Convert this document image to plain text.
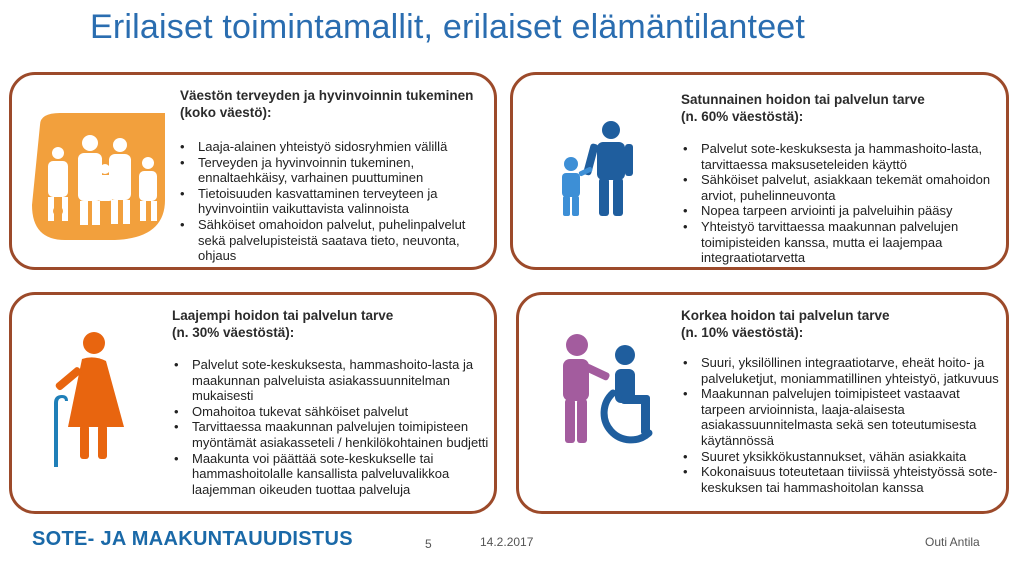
Erilaiset toimintamallit, erilaiset elämäntilanteet
Väestön terveyden ja hyvinvoinnin tukeminen
(koko väestö):
• Laaja-alainen yhteistyö sidosryhmien välillä
• Terveyden ja hyvinvoinnin tukeminen, ennaltaehkäisy, varhainen puuttuminen
• Tietoisuuden kasvattaminen terveyteen ja hyvinvointiin vaikuttavista valinnoista
• Sähköiset omahoidon palvelut, puhelinpalvelut sekä palvelupisteistä saatava tieto, neuvonta, ohjaus
Satunnainen hoidon tai palvelun tarve
(n. 60% väestöstä):
• Palvelut sote-keskuksesta ja hammashoito-lasta, tarvittaessa maksuseteleiden käyttö
• Sähköiset palvelut, asiakkaan tekemät omahoidon arviot, puhelinneuvonta
• Nopea tarpeen arviointi ja palveluihin pääsy
• Yhteistyö tarvittaessa maakunnan palvelujen toimipisteiden kanssa, mutta ei laajempaa integraatiotarvetta
Laajempi hoidon tai palvelun tarve
(n. 30% väestöstä):
• Palvelut sote-keskuksesta, hammashoito-lasta ja maakunnan palveluista asiakassuunnitelman mukaisesti
• Omahoitoa tukevat sähköiset palvelut
• Tarvittaessa maakunnan palvelujen toimipisteen myöntämät asiakasseteli / henkilökohtainen budjetti
• Maakunta voi päättää sote-keskukselle tai hammashoitolalle kansallista palveluvalikkoa laajemman oikeuden tuottaa palveluja
Korkea hoidon tai palvelun tarve
(n. 10% väestöstä):
• Suuri, yksilöllinen integraatiotarve, eheät hoito- ja palveluketjut, moniammatillinen yhteistyö, jatkuvuus
• Maakunnan palvelujen toimipisteet vastaavat tarpeen arvioinnista, laaja-alaisesta asiakassuunnitelmasta sekä sen toteutumisesta käytännössä
• Suuret yksikkökustannukset, vähän asiakkaita
• Kokonaisuus toteutetaan tiiviissä yhteistyössä sote-keskuksen tai hammashoitolan kanssa
SOTE- JA MAAKUNTAUUDISTUS	5	14.2.2017	Outi Antila
